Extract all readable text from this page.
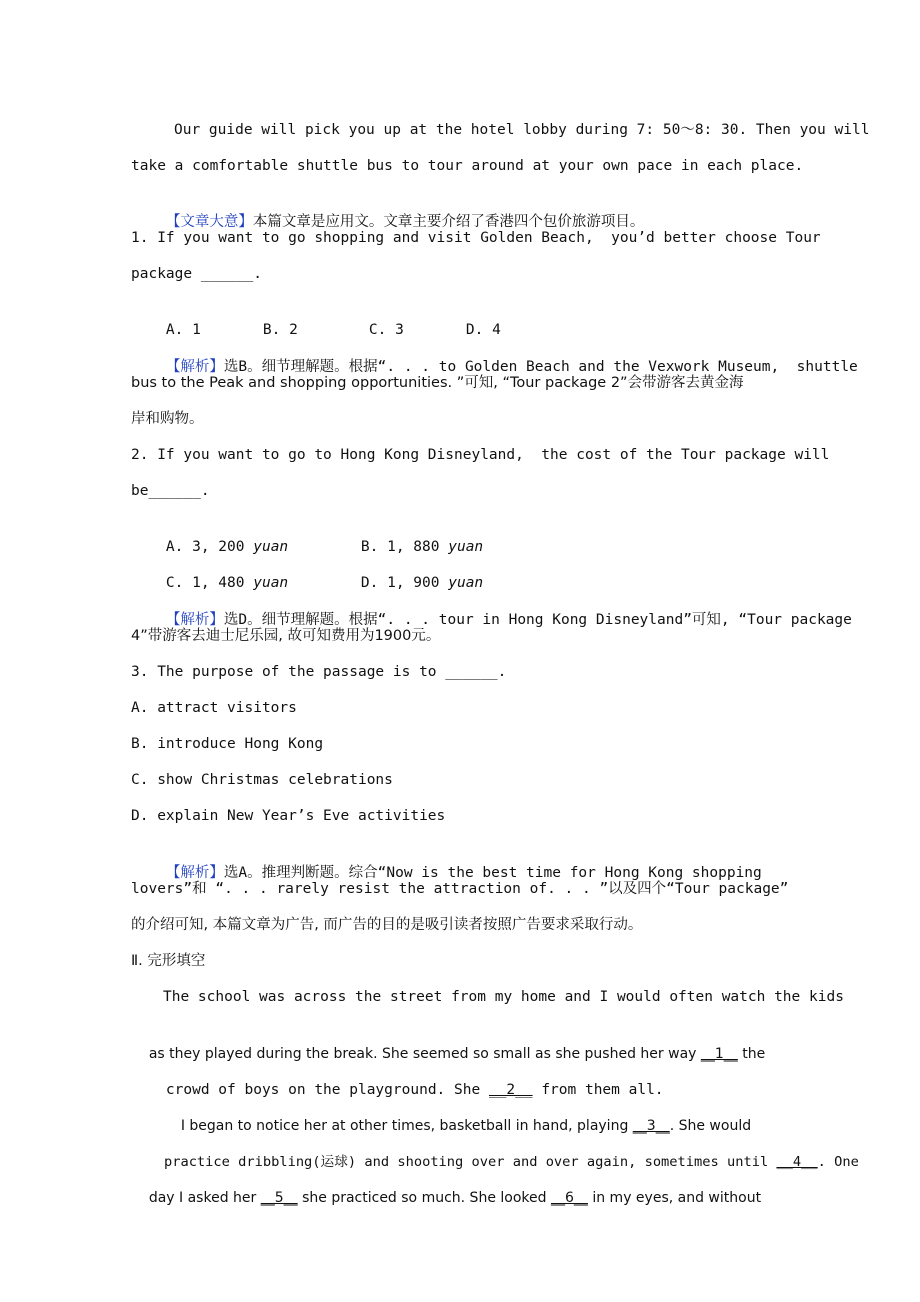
Our guide will pick you up at the hotel lobby during 7: 50～8: 30. Then you will
take a comfortable shuttle bus to tour around at your own pace in each place.

【文章大意】本篇文章是应用文。文章主要介绍了香港四个包价旅游项目。

1. If you want to go shopping and visit Golden Beach,  you’d better choose Tour
package ______.

A. 1	B. 2	C. 3	D. 4

【解析】选B。细节理解题。根据“. . . to Golden Beach and the Vexwork Museum,  shuttle

bus to the Peak and shopping opportunities. ”可知, “Tour package 2”会带游客去黄金海
岸和购物。
2. If you want to go to Hong Kong Disneyland,  the cost of the Tour package will
be______.

A. 3, 200 yuan	B. 1, 880 yuan

C. 1, 480 yuan	D. 1, 900 yuan

【解析】选D。细节理解题。根据“. . . tour in Hong Kong Disneyland”可知, “Tour package

4”带游客去迪士尼乐园, 故可知费用为1900元。
3. The purpose of the passage is to ______.
A. attract visitors
B. introduce Hong Kong
C. show Christmas celebrations
D. explain New Year’s Eve activities

【解析】选A。推理判断题。综合“Now is the best time for Hong Kong shopping

lovers”和 “. . . rarely resist the attraction of. . . ”以及四个“Tour package”
的介绍可知, 本篇文章为广告, 而广告的目的是吸引读者按照广告要求采取行动。
Ⅱ. 完形填空
The school was across the street from my home and I would often watch the kids

as they played during the break. She seemed so small as she pushed her way __1__ the

crowd of boys on the playground. She __2__ from them all.

I began to notice her at other times, basketball in hand, playing __3__. She would

practice dribbling(运球) and shooting over and over again, sometimes until __4__. One

day I asked her __5__ she practiced so much. She looked __6__ in my eyes, and without
